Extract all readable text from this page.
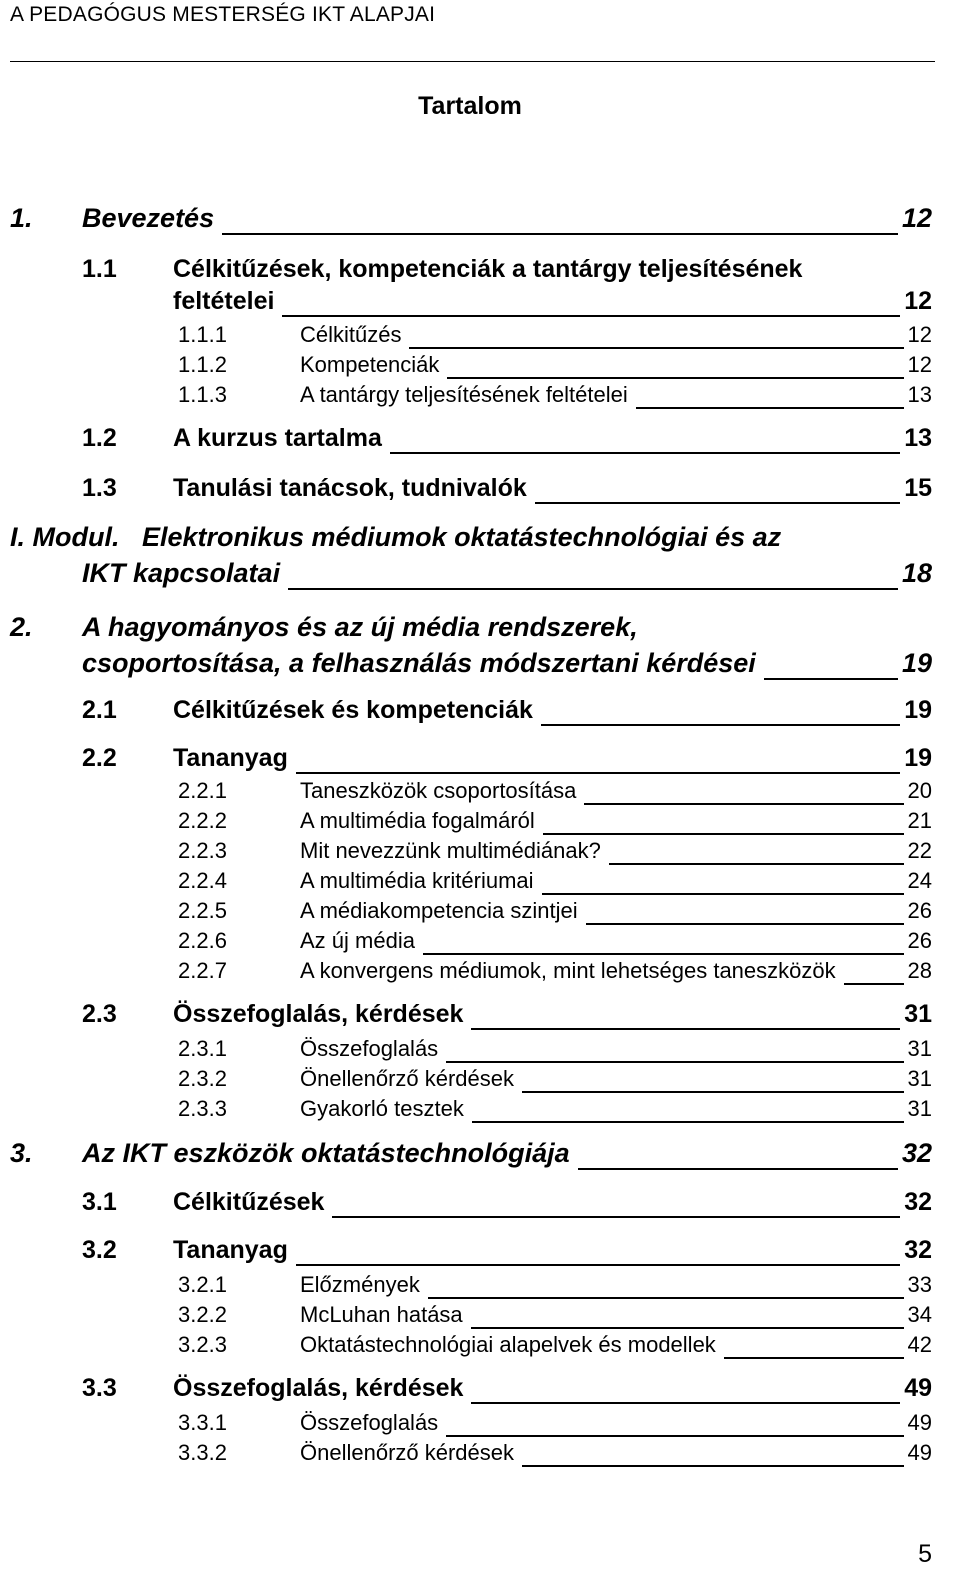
A PEDAGÓGUS MESTERSÉG IKT ALAPJAI
Tartalom
1. Bevezetés	12
1.1 Célkitűzések, kompetenciák a tantárgy teljesítésének
feltételei	12
1.1.1	Célkitűzés	12
1.1.2	Kompetenciák	12
1.1.3	A tantárgy teljesítésének feltételei	13
1.2 A kurzus tartalma	13
1.3 Tanulási tanácsok, tudnivalók	15
I. Modul. Elektronikus médiumok oktatástechnológiai és az
IKT kapcsolatai	18
2. A hagyományos és az új média rendszerek,
csoportosítása, a felhasználás módszertani kérdései	19
2.1 Célkitűzések és kompetenciák	19
2.2 Tananyag	19
2.2.1	Taneszközök csoportosítása	20
2.2.2	A multimédia fogalmáról	21
2.2.3	Mit nevezzünk multimédiának?	22
2.2.4	A multimédia kritériumai	24
2.2.5	A médiakompetencia szintjei	26
2.2.6	Az új média	26
2.2.7	A konvergens médiumok, mint lehetséges taneszközök	28
2.3 Összefoglalás, kérdések	31
2.3.1	Összefoglalás	31
2.3.2	Önellenőrző kérdések	31
2.3.3	Gyakorló tesztek	31
3. Az IKT eszközök oktatástechnológiája	32
3.1 Célkitűzések	32
3.2 Tananyag	32
3.2.1	Előzmények	33
3.2.2	McLuhan hatása	34
3.2.3	Oktatástechnológiai alapelvek és modellek	42
3.3 Összefoglalás, kérdések	49
3.3.1	Összefoglalás	49
3.3.2	Önellenőrző kérdések	49
5
